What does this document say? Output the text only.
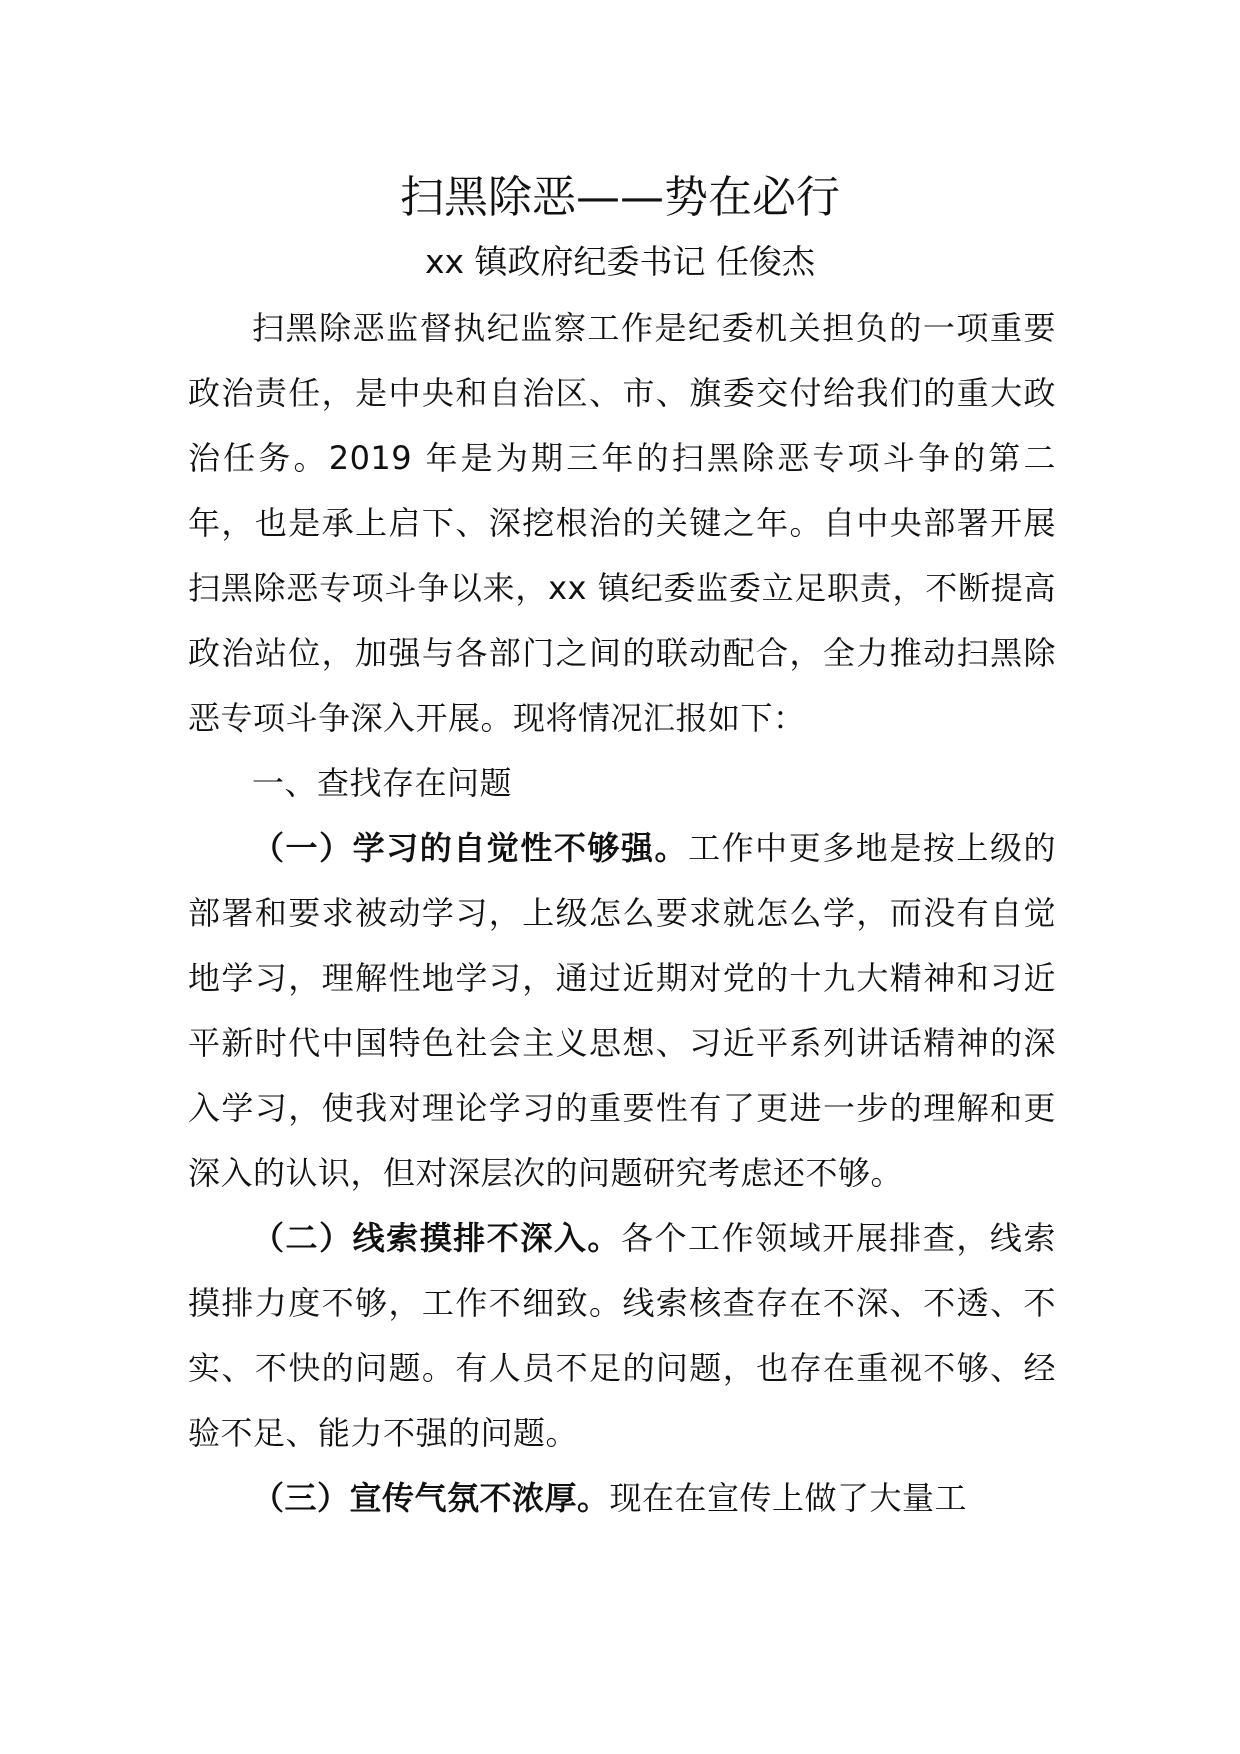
扫黑除恶——势在必行
xx 镇政府纪委书记 任俊杰

扫黑除恶监督执纪监察工作是纪委机关担负的一项重要政治责任，是中央和自治区、市、旗委交付给我们的重大政治任务。2019 年是为期三年的扫黑除恶专项斗争的第二年，也是承上启下、深挖根治的关键之年。自中央部署开展扫黑除恶专项斗争以来，xx 镇纪委监委立足职责，不断提高政治站位，加强与各部门之间的联动配合，全力推动扫黑除恶专项斗争深入开展。现将情况汇报如下：

一、查找存在问题

（一）学习的自觉性不够强。工作中更多地是按上级的部署和要求被动学习，上级怎么要求就怎么学，而没有自觉地学习，理解性地学习，通过近期对党的十九大精神和习近平新时代中国特色社会主义思想、习近平系列讲话精神的深入学习，使我对理论学习的重要性有了更进一步的理解和更深入的认识，但对深层次的问题研究考虑还不够。

（二）线索摸排不深入。各个工作领域开展排查，线索摸排力度不够，工作不细致。线索核查存在不深、不透、不实、不快的问题。有人员不足的问题，也存在重视不够、经验不足、能力不强的问题。

（三）宣传气氛不浓厚。现在在宣传上做了大量工
